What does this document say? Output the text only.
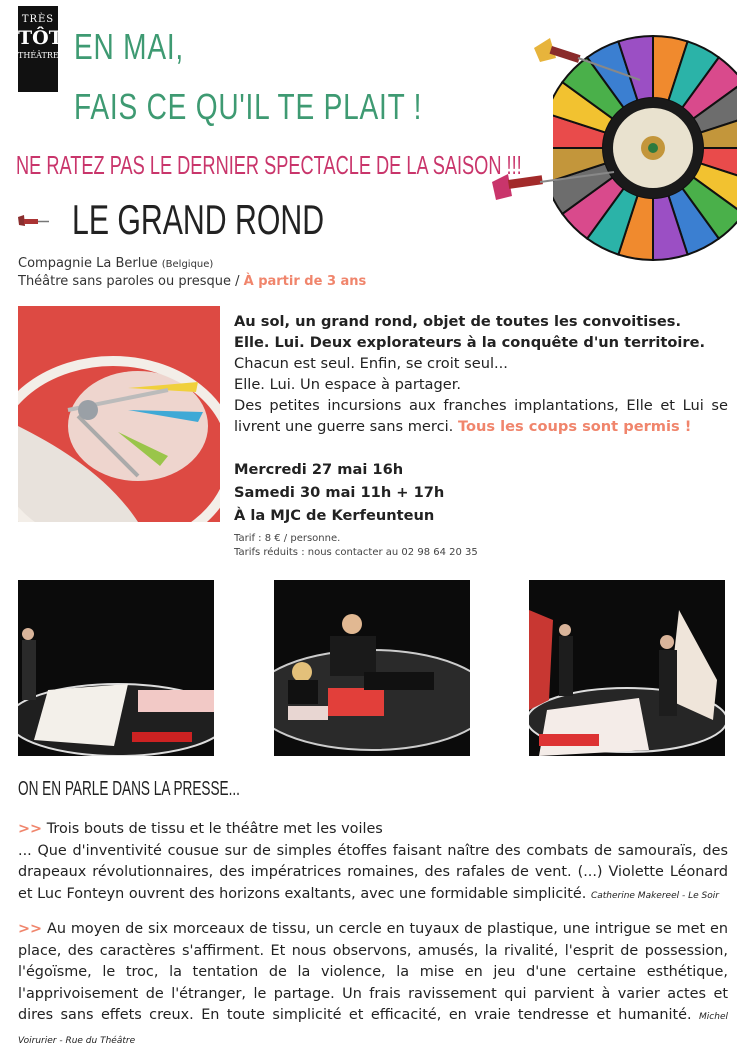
TRÈS
TÔT
THÉÂTRE EN MAI,
FAIS CE QU'IL TE PLAIT !
NE RATEZ PAS LE DERNIER SPECTACLE DE LA SAISON !!!
LE GRAND ROND
Compagnie La Berlue (Belgique)
Théâtre sans paroles ou presque / À partir de 3 ans
Au sol, un grand rond, objet de toutes les convoitises.
Elle. Lui. Deux explorateurs à la conquête d'un territoire.
Chacun est seul. Enfin, se croit seul...
Elle. Lui. Un espace à partager.
Des petites incursions aux franches implantations, Elle et Lui se livrent une guerre sans merci. Tous les coups sont permis !
Mercredi 27 mai 16h
Samedi 30 mai 11h + 17h
À la MJC de Kerfeunteun
Tarif : 8 € / personne.
Tarifs réduits : nous contacter au 02 98 64 20 35
ON EN PARLE DANS LA PRESSE...
>> Trois bouts de tissu et le théâtre met les voiles
... Que d'inventivité cousue sur de simples étoffes faisant naître des combats de samouraïs, des drapeaux révolutionnaires, des impératrices romaines, des rafales de vent. (...) Violette Léonard et Luc Fonteyn ouvrent des horizons exaltants, avec une formidable simplicité. Catherine Makereel - Le Soir
>> Au moyen de six morceaux de tissu, un cercle en tuyaux de plastique, une intrigue se met en place, des caractères s'affirment. Et nous observons, amusés, la rivalité, l'esprit de possession, l'égoïsme, le troc, la tentation de la violence, la mise en jeu d'une certaine esthétique, l'apprivoisement de l'étranger, le partage. Un frais ravissement qui parvient à varier actes et dires sans effets creux. En toute simplicité et efficacité, en vraie tendresse et humanité. Michel Voirurier - Rue du Théâtre
